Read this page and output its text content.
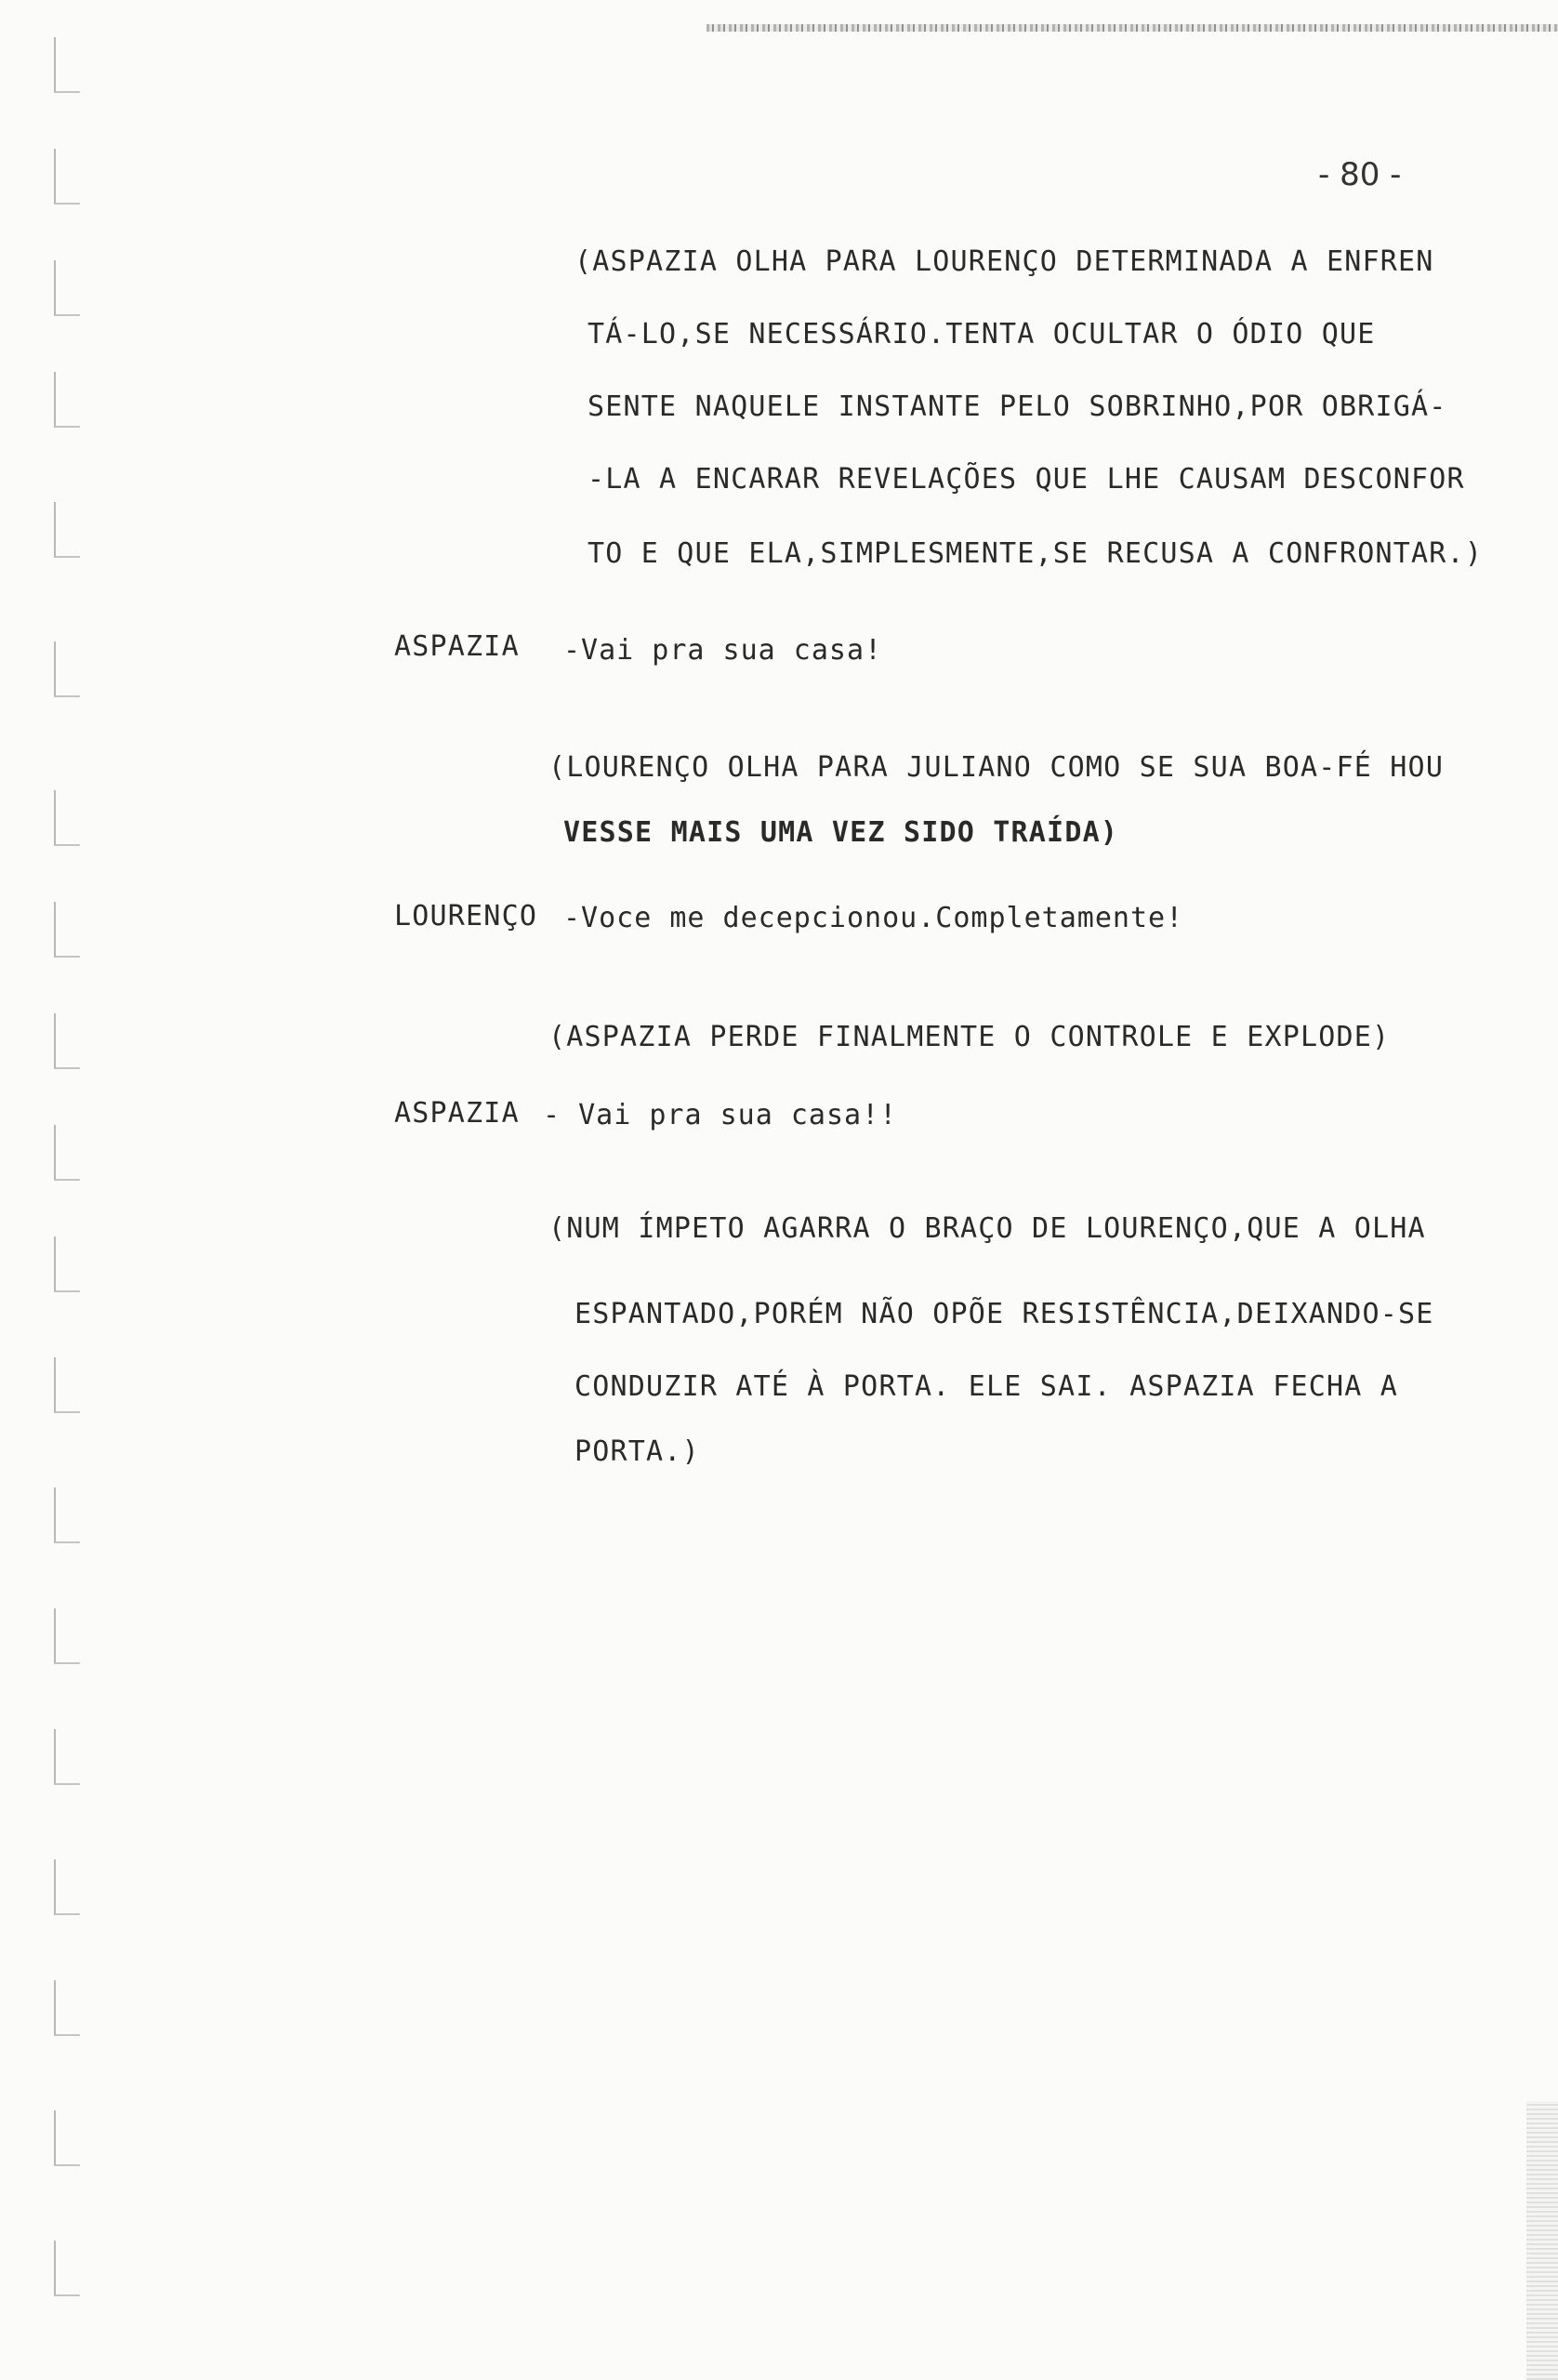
- 80 -
(ASPAZIA OLHA PARA LOURENÇO DETERMINADA A ENFREN
TÁ-LO,SE NECESSÁRIO.TENTA OCULTAR O ÓDIO QUE
SENTE NAQUELE INSTANTE PELO SOBRINHO,POR OBRIGÁ-
-LA A ENCARAR REVELAÇÕES QUE LHE CAUSAM DESCONFOR
TO E QUE ELA,SIMPLESMENTE,SE RECUSA A CONFRONTAR.)
ASPAZIA -Vai pra sua casa!
(LOURENÇO OLHA PARA JULIANO COMO SE SUA BOA-FÉ HOU
VESSE MAIS UMA VEZ SIDO TRAÍDA)
LOURENÇO -Voce me decepcionou.Completamente!
(ASPAZIA PERDE FINALMENTE O CONTROLE E EXPLODE)
ASPAZIA - Vai pra sua casa!!
(NUM ÍMPETO AGARRA O BRAÇO DE LOURENÇO,QUE A OLHA
ESPANTADO,PORÉM NÃO OPÕE RESISTÊNCIA,DEIXANDO-SE
CONDUZIR ATÉ À PORTA. ELE SAI. ASPAZIA FECHA A
PORTA.)
